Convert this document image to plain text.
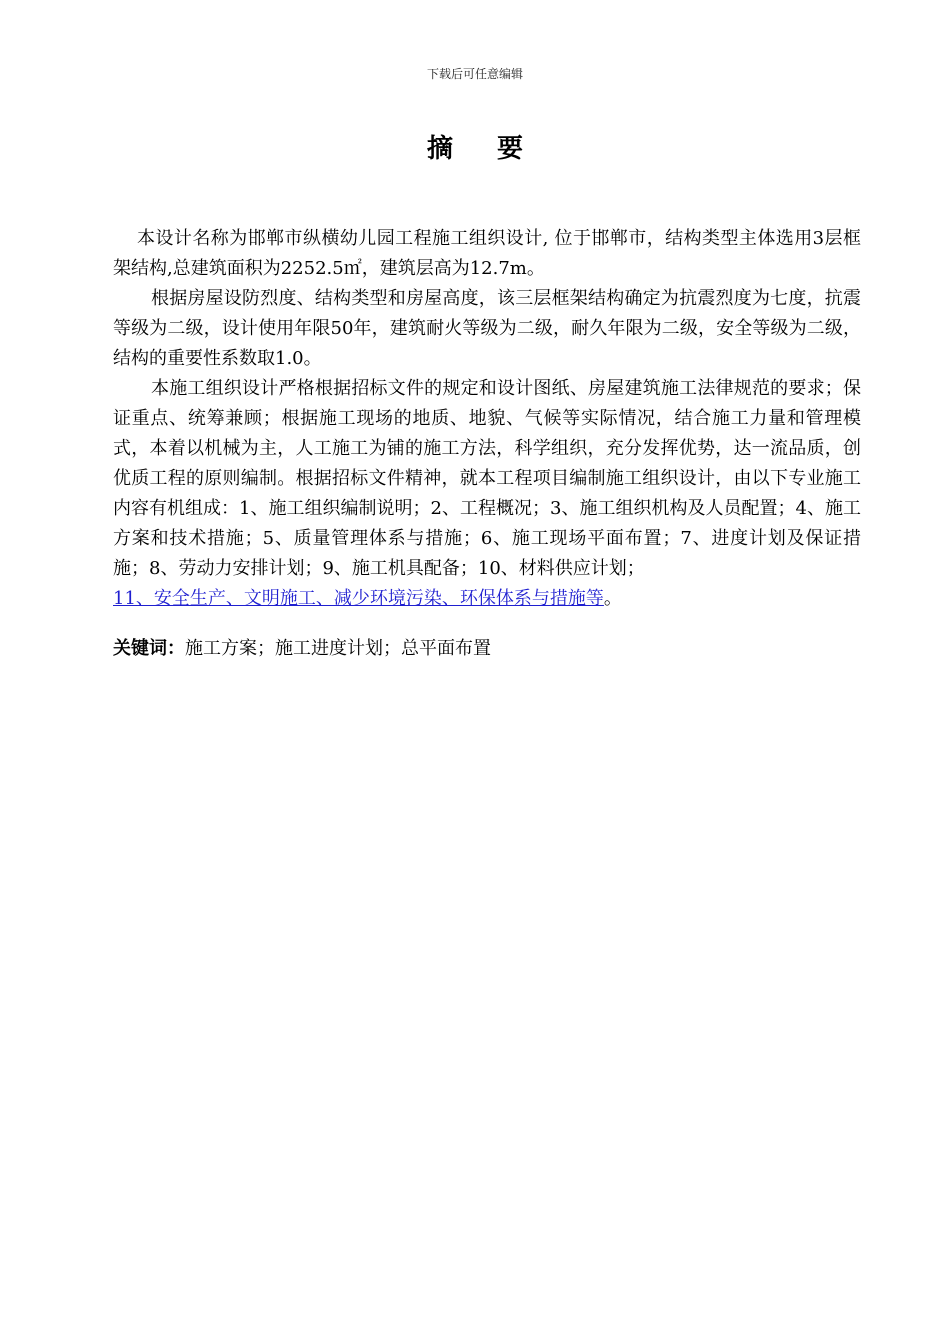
下载后可任意编辑
摘 要

本设计名称为邯郸市纵横幼儿园工程施工组织设计, 位于邯郸市，结构类型主体选用3层框架结构,总建筑面积为2252.5㎡，建筑层高为12.7m。

根据房屋设防烈度、结构类型和房屋高度，该三层框架结构确定为抗震烈度为七度，抗震等级为二级，设计使用年限50年，建筑耐火等级为二级，耐久年限为二级，安全等级为二级，结构的重要性系数取1.0。

本施工组织设计严格根据招标文件的规定和设计图纸、房屋建筑施工法律规范的要求；保证重点、统筹兼顾；根据施工现场的地质、地貌、气候等实际情况，结合施工力量和管理模式，本着以机械为主，人工施工为铺的施工方法，科学组织，充分发挥优势，达一流品质，创优质工程的原则编制。根据招标文件精神，就本工程项目编制施工组织设计，由以下专业施工内容有机组成：1、施工组织编制说明；2、工程概况；3、施工组织机构及人员配置；4、施工方案和技术措施；5、质量管理体系与措施；6、施工现场平面布置；7、进度计划及保证措施；8、劳动力安排计划；9、施工机具配备；10、材料供应计划；

11、安全生产、文明施工、减少环境污染、环保体系与措施等。

关键词：施工方案；施工进度计划；总平面布置
